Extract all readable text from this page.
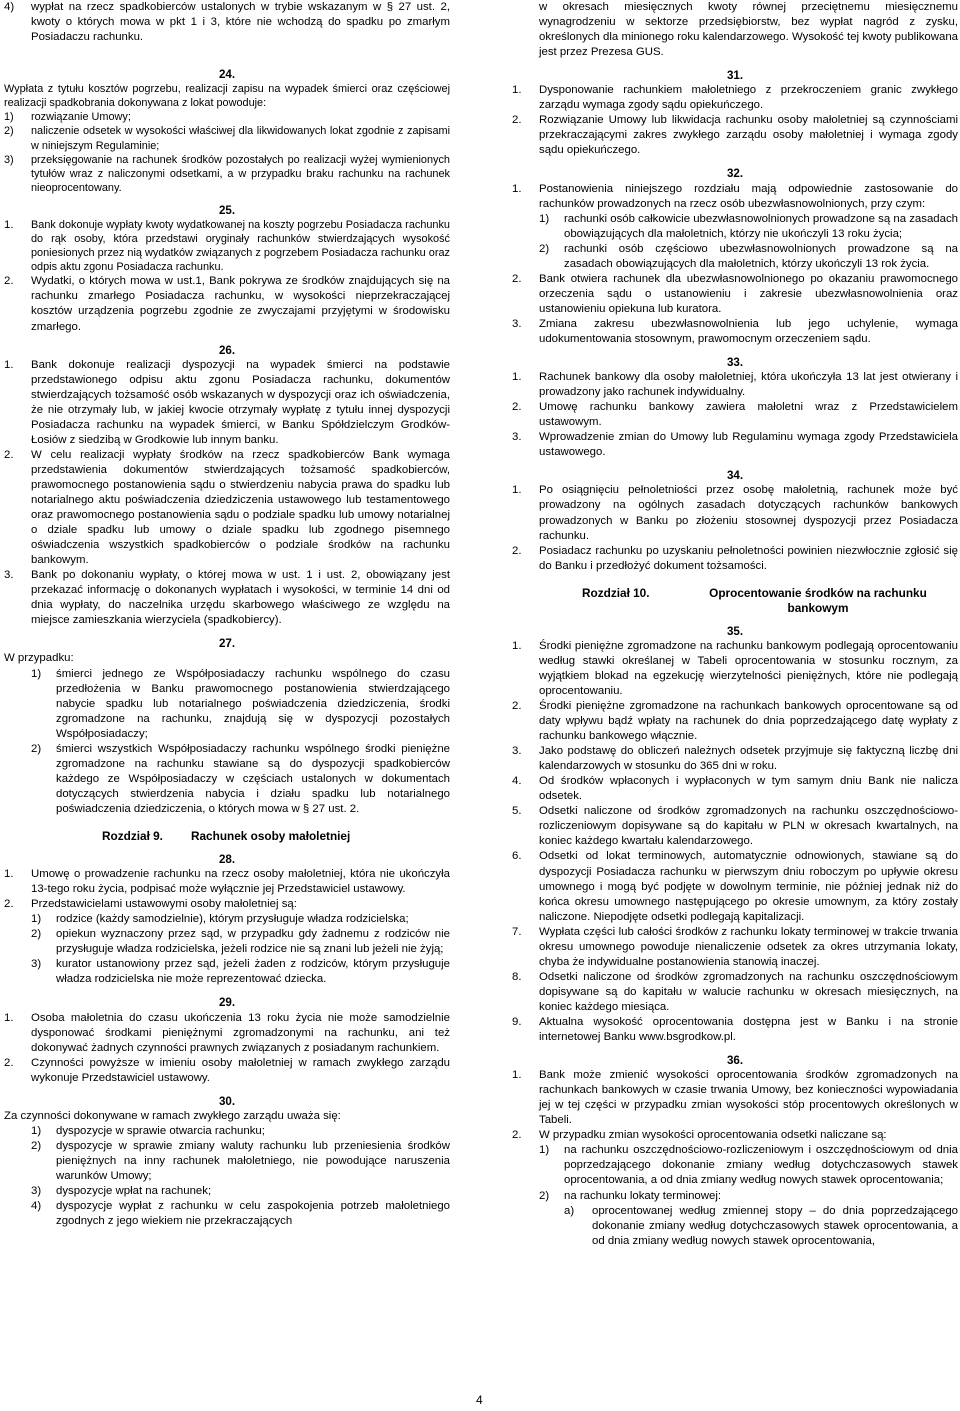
4)	wypłat na rzecz spadkobierców ustalonych w trybie wskazanym w § 27 ust. 2, kwoty o których mowa w pkt 1 i 3, które nie wchodzą do spadku po zmarłym Posiadaczu rachunku.
24.
Wypłata z tytułu kosztów pogrzebu, realizacji zapisu na wypadek śmierci oraz częściowej realizacji spadkobrania dokonywana z lokat powoduje:
1)	rozwiązanie Umowy;
2)	naliczenie odsetek w wysokości właściwej dla likwidowanych lokat zgodnie z zapisami w niniejszym Regulaminie;
3)	przeksięgowanie na rachunek środków pozostałych po realizacji wyżej wymienionych tytułów wraz z naliczonymi odsetkami, a w przypadku braku rachunku na rachunek nieoprocentowany.
25.
1.	Bank dokonuje wypłaty kwoty wydatkowanej na koszty pogrzebu Posiadacza rachunku do rąk osoby, która przedstawi oryginały rachunków stwierdzających wysokość poniesionych przez nią wydatków związanych z pogrzebem Posiadacza rachunku oraz odpis aktu zgonu Posiadacza rachunku.
2.	Wydatki, o których mowa w ust.1, Bank pokrywa ze środków znajdujących się na rachunku zmarłego Posiadacza rachunku, w wysokości nieprzekraczającej kosztów urządzenia pogrzebu zgodnie ze zwyczajami przyjętymi w środowisku zmarłego.
26.
1.	Bank dokonuje realizacji dyspozycji na wypadek śmierci na podstawie przedstawionego odpisu aktu zgonu Posiadacza rachunku, dokumentów stwierdzających tożsamość osób wskazanych w dyspozycji oraz ich oświadczenia, że nie otrzymały lub, w jakiej kwocie otrzymały wypłatę z tytułu innej dyspozycji Posiadacza rachunku na wypadek śmierci, w Banku Spółdzielczym Grodków-Łosiów z siedzibą w Grodkowie lub innym banku.
2.	W celu realizacji wypłaty środków na rzecz spadkobierców Bank wymaga przedstawienia dokumentów stwierdzających tożsamość spadkobierców, prawomocnego postanowienia sądu o stwierdzeniu nabycia prawa do spadku lub notarialnego aktu poświadczenia dziedziczenia ustawowego lub testamentowego oraz prawomocnego postanowienia sądu o podziale spadku lub umowy notarialnej o dziale spadku lub umowy o dziale spadku lub zgodnego pisemnego oświadczenia wszystkich spadkobierców o podziale środków na rachunku bankowym.
3.	Bank po dokonaniu wypłaty, o której mowa w ust. 1 i ust. 2, obowiązany jest przekazać informację o dokonanych wypłatach i wysokości, w terminie 14 dni od dnia wypłaty, do naczelnika urzędu skarbowego właściwego ze względu na miejsce zamieszkania wierzyciela (spadkobiercy).
27.
W przypadku:
1)	śmierci jednego ze Współposiadaczy rachunku wspólnego do czasu przedłożenia w Banku prawomocnego postanowienia stwierdzającego nabycie spadku lub notarialnego poświadczenia dziedziczenia, środki zgromadzone na rachunku, znajdują się w dyspozycji pozostałych Współposiadaczy;
2)	śmierci wszystkich Współposiadaczy rachunku wspólnego środki pieniężne zgromadzone na rachunku stawiane są do dyspozycji spadkobierców każdego ze Współposiadaczy w częściach ustalonych w dokumentach dotyczących stwierdzenia nabycia i działu spadku lub notarialnego poświadczenia dziedziczenia, o których mowa w § 27 ust. 2.
Rozdział 9. Rachunek osoby małoletniej
28.
1.	Umowę o prowadzenie rachunku na rzecz osoby małoletniej, która nie ukończyła 13-tego roku życia, podpisać może wyłącznie jej Przedstawiciel ustawowy.
2.	Przedstawicielami ustawowymi osoby małoletniej są:
1)	rodzice (każdy samodzielnie), którym przysługuje władza rodzicielska;
2)	opiekun wyznaczony przez sąd, w przypadku gdy żadnemu z rodziców nie przysługuje władza rodzicielska, jeżeli rodzice nie są znani lub jeżeli nie żyją;
3)	kurator ustanowiony przez sąd, jeżeli żaden z rodziców, którym przysługuje władza rodzicielska nie może reprezentować dziecka.
29.
1.	Osoba małoletnia do czasu ukończenia 13 roku życia nie może samodzielnie dysponować środkami pieniężnymi zgromadzonymi na rachunku, ani też dokonywać żadnych czynności prawnych związanych z posiadanym rachunkiem.
2.	Czynności powyższe w imieniu osoby małoletniej w ramach zwykłego zarządu wykonuje Przedstawiciel ustawowy.
30.
Za czynności dokonywane w ramach zwykłego zarządu uważa się:
1)	dyspozycje w sprawie otwarcia rachunku;
2)	dyspozycje w sprawie zmiany waluty rachunku lub przeniesienia środków pieniężnych na inny rachunek małoletniego, nie powodujące naruszenia warunków Umowy;
3)	dyspozycje wpłat na rachunek;
4)	dyspozycje wypłat z rachunku w celu zaspokojenia potrzeb małoletniego zgodnych z jego wiekiem nie przekraczających
w okresach miesięcznych kwoty równej przeciętnemu miesięcznemu wynagrodzeniu w sektorze przedsiębiorstw, bez wypłat nagród z zysku, określonych dla minionego roku kalendarzowego. Wysokość tej kwoty publikowana jest przez Prezesa GUS.
31.
1.	Dysponowanie rachunkiem małoletniego z przekroczeniem granic zwykłego zarządu wymaga zgody sądu opiekuńczego.
2.	Rozwiązanie Umowy lub likwidacja rachunku osoby małoletniej są czynnościami przekraczającymi zakres zwykłego zarządu osoby małoletniej i wymaga zgody sądu opiekuńczego.
32.
1.	Postanowienia niniejszego rozdziału mają odpowiednie zastosowanie do rachunków prowadzonych na rzecz osób ubezwłasnowolnionych, przy czym:
1)	rachunki osób całkowicie ubezwłasnowolnionych prowadzone są na zasadach obowiązujących dla małoletnich, którzy nie ukończyli 13 roku życia;
2)	rachunki osób częściowo ubezwłasnowolnionych prowadzone są na zasadach obowiązujących dla małoletnich, którzy ukończyli 13 rok życia.
2.	Bank otwiera rachunek dla ubezwłasnowolnionego po okazaniu prawomocnego orzeczenia sądu o ustanowieniu i zakresie ubezwłasnowolnienia oraz ustanowieniu opiekuna lub kuratora.
3.	Zmiana zakresu ubezwłasnowolnienia lub jego uchylenie, wymaga udokumentowania stosownym, prawomocnym orzeczeniem sądu.
33.
1.	Rachunek bankowy dla osoby małoletniej, która ukończyła 13 lat jest otwierany i prowadzony jako rachunek indywidualny.
2.	Umowę rachunku bankowy zawiera małoletni wraz z Przedstawicielem ustawowym.
3.	Wprowadzenie zmian do Umowy lub Regulaminu wymaga zgody Przedstawiciela ustawowego.
34.
1.	Po osiągnięciu pełnoletniości przez osobę małoletnią, rachunek może być prowadzony na ogólnych zasadach dotyczących rachunków bankowych prowadzonych w Banku po złożeniu stosownej dyspozycji przez Posiadacza rachunku.
2.	Posiadacz rachunku po uzyskaniu pełnoletności powinien niezwłocznie zgłosić się do Banku i przedłożyć dokument tożsamości.
Rozdział 10.	Oprocentowanie środków na rachunku bankowym
35.
1.	Środki pieniężne zgromadzone na rachunku bankowym podlegają oprocentowaniu według stawki określanej w Tabeli oprocentowania w stosunku rocznym, za wyjątkiem blokad na egzekucję wierzytelności pieniężnych, które nie podlegają oprocentowaniu.
2.	Środki pieniężne zgromadzone na rachunkach bankowych oprocentowane są od daty wpływu bądź wpłaty na rachunek do dnia poprzedzającego datę wypłaty z rachunku bankowego włącznie.
3.	Jako podstawę do obliczeń należnych odsetek przyjmuje się faktyczną liczbę dni kalendarzowych w stosunku do 365 dni w roku.
4.	Od środków wpłaconych i wypłaconych w tym samym dniu Bank nie nalicza odsetek.
5.	Odsetki naliczone od środków zgromadzonych na rachunku oszczędnościowo- rozliczeniowym dopisywane są do kapitału w PLN w okresach kwartalnych, na koniec każdego kwartału kalendarzowego.
6.	Odsetki od lokat terminowych, automatycznie odnowionych, stawiane są do dyspozycji Posiadacza rachunku w pierwszym dniu roboczym po upływie okresu umownego i mogą być podjęte w dowolnym terminie, nie później jednak niż do końca okresu umownego następującego po okresie umownym, za który zostały naliczone. Niepodjęte odsetki podlegają kapitalizacji.
7.	Wypłata części lub całości środków z rachunku lokaty terminowej w trakcie trwania okresu umownego powoduje nienaliczenie odsetek za okres utrzymania lokaty, chyba że indywidualne postanowienia stanowią inaczej.
8.	Odsetki naliczone od środków zgromadzonych na rachunku oszczędnościowym dopisywane są do kapitału w walucie rachunku w okresach miesięcznych, na koniec każdego miesiąca.
9.	Aktualna wysokość oprocentowania dostępna jest w Banku i na stronie internetowej Banku www.bsgrodkow.pl.
36.
1.	Bank może zmienić wysokości oprocentowania środków zgromadzonych na rachunkach bankowych w czasie trwania Umowy, bez konieczności wypowiadania jej w tej części w przypadku zmian wysokości stóp procentowych określonych w Tabeli.
2.	W przypadku zmian wysokości oprocentowania odsetki naliczane są:
1)	na rachunku oszczędnościowo-rozliczeniowym i oszczędnościowym od dnia poprzedzającego dokonanie zmiany według dotychczasowych stawek oprocentowania, a od dnia zmiany według nowych stawek oprocentowania;
2)	na rachunku lokaty terminowej:
a)	oprocentowanej według zmiennej stopy – do dnia poprzedzającego dokonanie zmiany według dotychczasowych stawek oprocentowania, a od dnia zmiany według nowych stawek oprocentowania,
4
